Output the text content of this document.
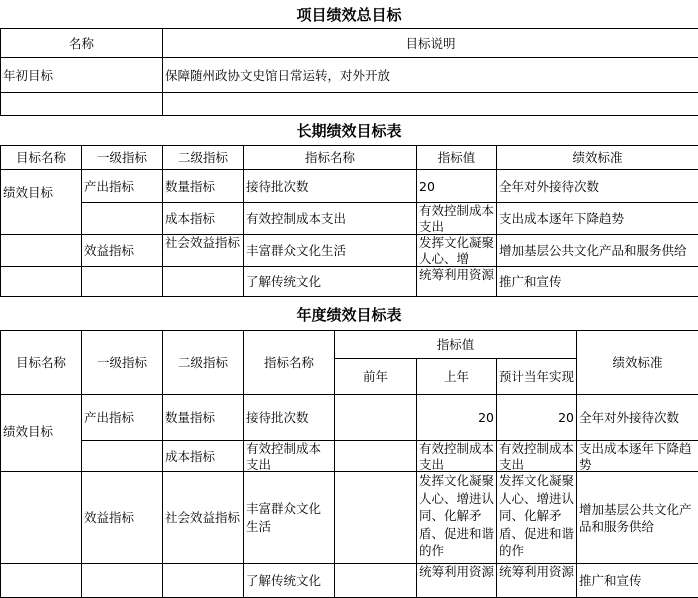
项目绩效总目标
名称	目标说明
年初目标	保障随州政协文史馆日常运转，对外开放

长期绩效目标表
目标名称	一级指标	二级指标	指标名称	指标值	绩效标准
绩效目标	产出指标	数量指标	接待批次数	20	全年对外接待次数
		成本指标	有效控制成本支出	有效控制成本支出	支出成本逐年下降趋势
	效益指标	社会效益指标	丰富群众文化生活	发挥文化凝聚人心、增	增加基层公共文化产品和服务供给
			了解传统文化	统筹利用资源	推广和宣传
年度绩效目标表
目标名称	一级指标	二级指标	指标名称	指标值			绩效标准
				前年	上年	预计当年实现	
绩效目标	产出指标	数量指标	接待批次数		20	20	全年对外接待次数
		成本指标	有效控制成本支出		有效控制成本支出	有效控制成本支出	支出成本逐年下降趋势

	效益指标	社会效益指标	丰富群众文化生活		发挥文化凝聚人心、增进认同、化解矛盾、促进和谐的作	发挥文化凝聚人心、增进认同、化解矛盾、促进和谐的作	增加基层公共文化产品和服务供给
			了解传统文化		统筹利用资源	统筹利用资源	推广和宣传
